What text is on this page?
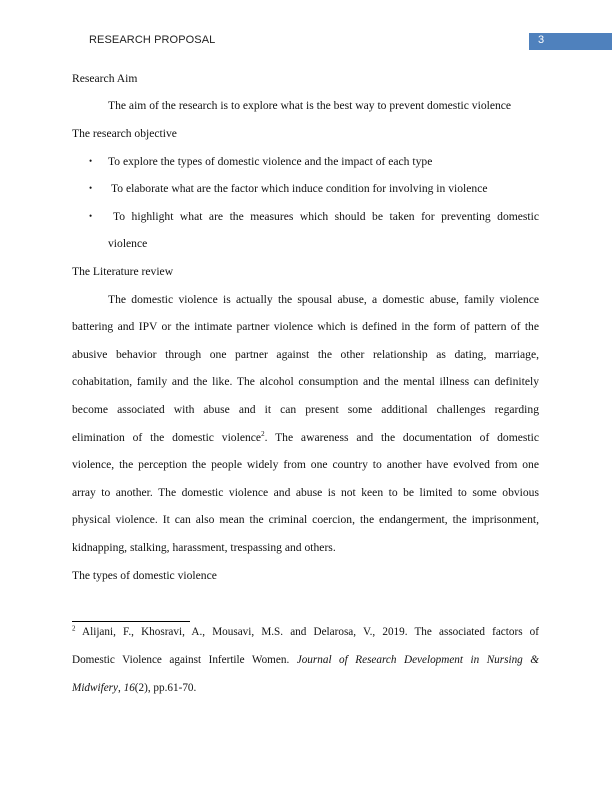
RESEARCH PROPOSAL	3
Research Aim
The aim of the research is to explore what is the best way to prevent domestic violence
The research objective
• To explore the types of domestic violence and the impact of each type
• To elaborate what are the factor which induce condition for involving in violence
• To highlight what are the measures which should be taken for preventing domestic
violence
The Literature review
The domestic violence is actually the spousal abuse, a domestic abuse, family violence
battering and IPV or the intimate partner violence which is defined in the form of pattern of the
abusive behavior through one partner against the other relationship as dating, marriage,
cohabitation, family and the like. The alcohol consumption and the mental illness can definitely
become associated with abuse and it can present some additional challenges regarding
elimination of the domestic violence$^2$. The awareness and the documentation of domestic
violence, the perception the people widely from one country to another have evolved from one
array to another. The domestic violence and abuse is not keen to be limited to some obvious
physical violence. It can also mean the criminal coercion, the endangerment, the imprisonment,
kidnapping, stalking, harassment, trespassing and others.
The types of domestic violence
$^2$ Alijani, F., Khosravi, A., Mousavi, M.S. and Delarosa, V., 2019. The associated factors of
Domestic Violence against Infertile Women. Journal of Research Development in Nursing &
Midwifery, 16(2), pp.61-70.
